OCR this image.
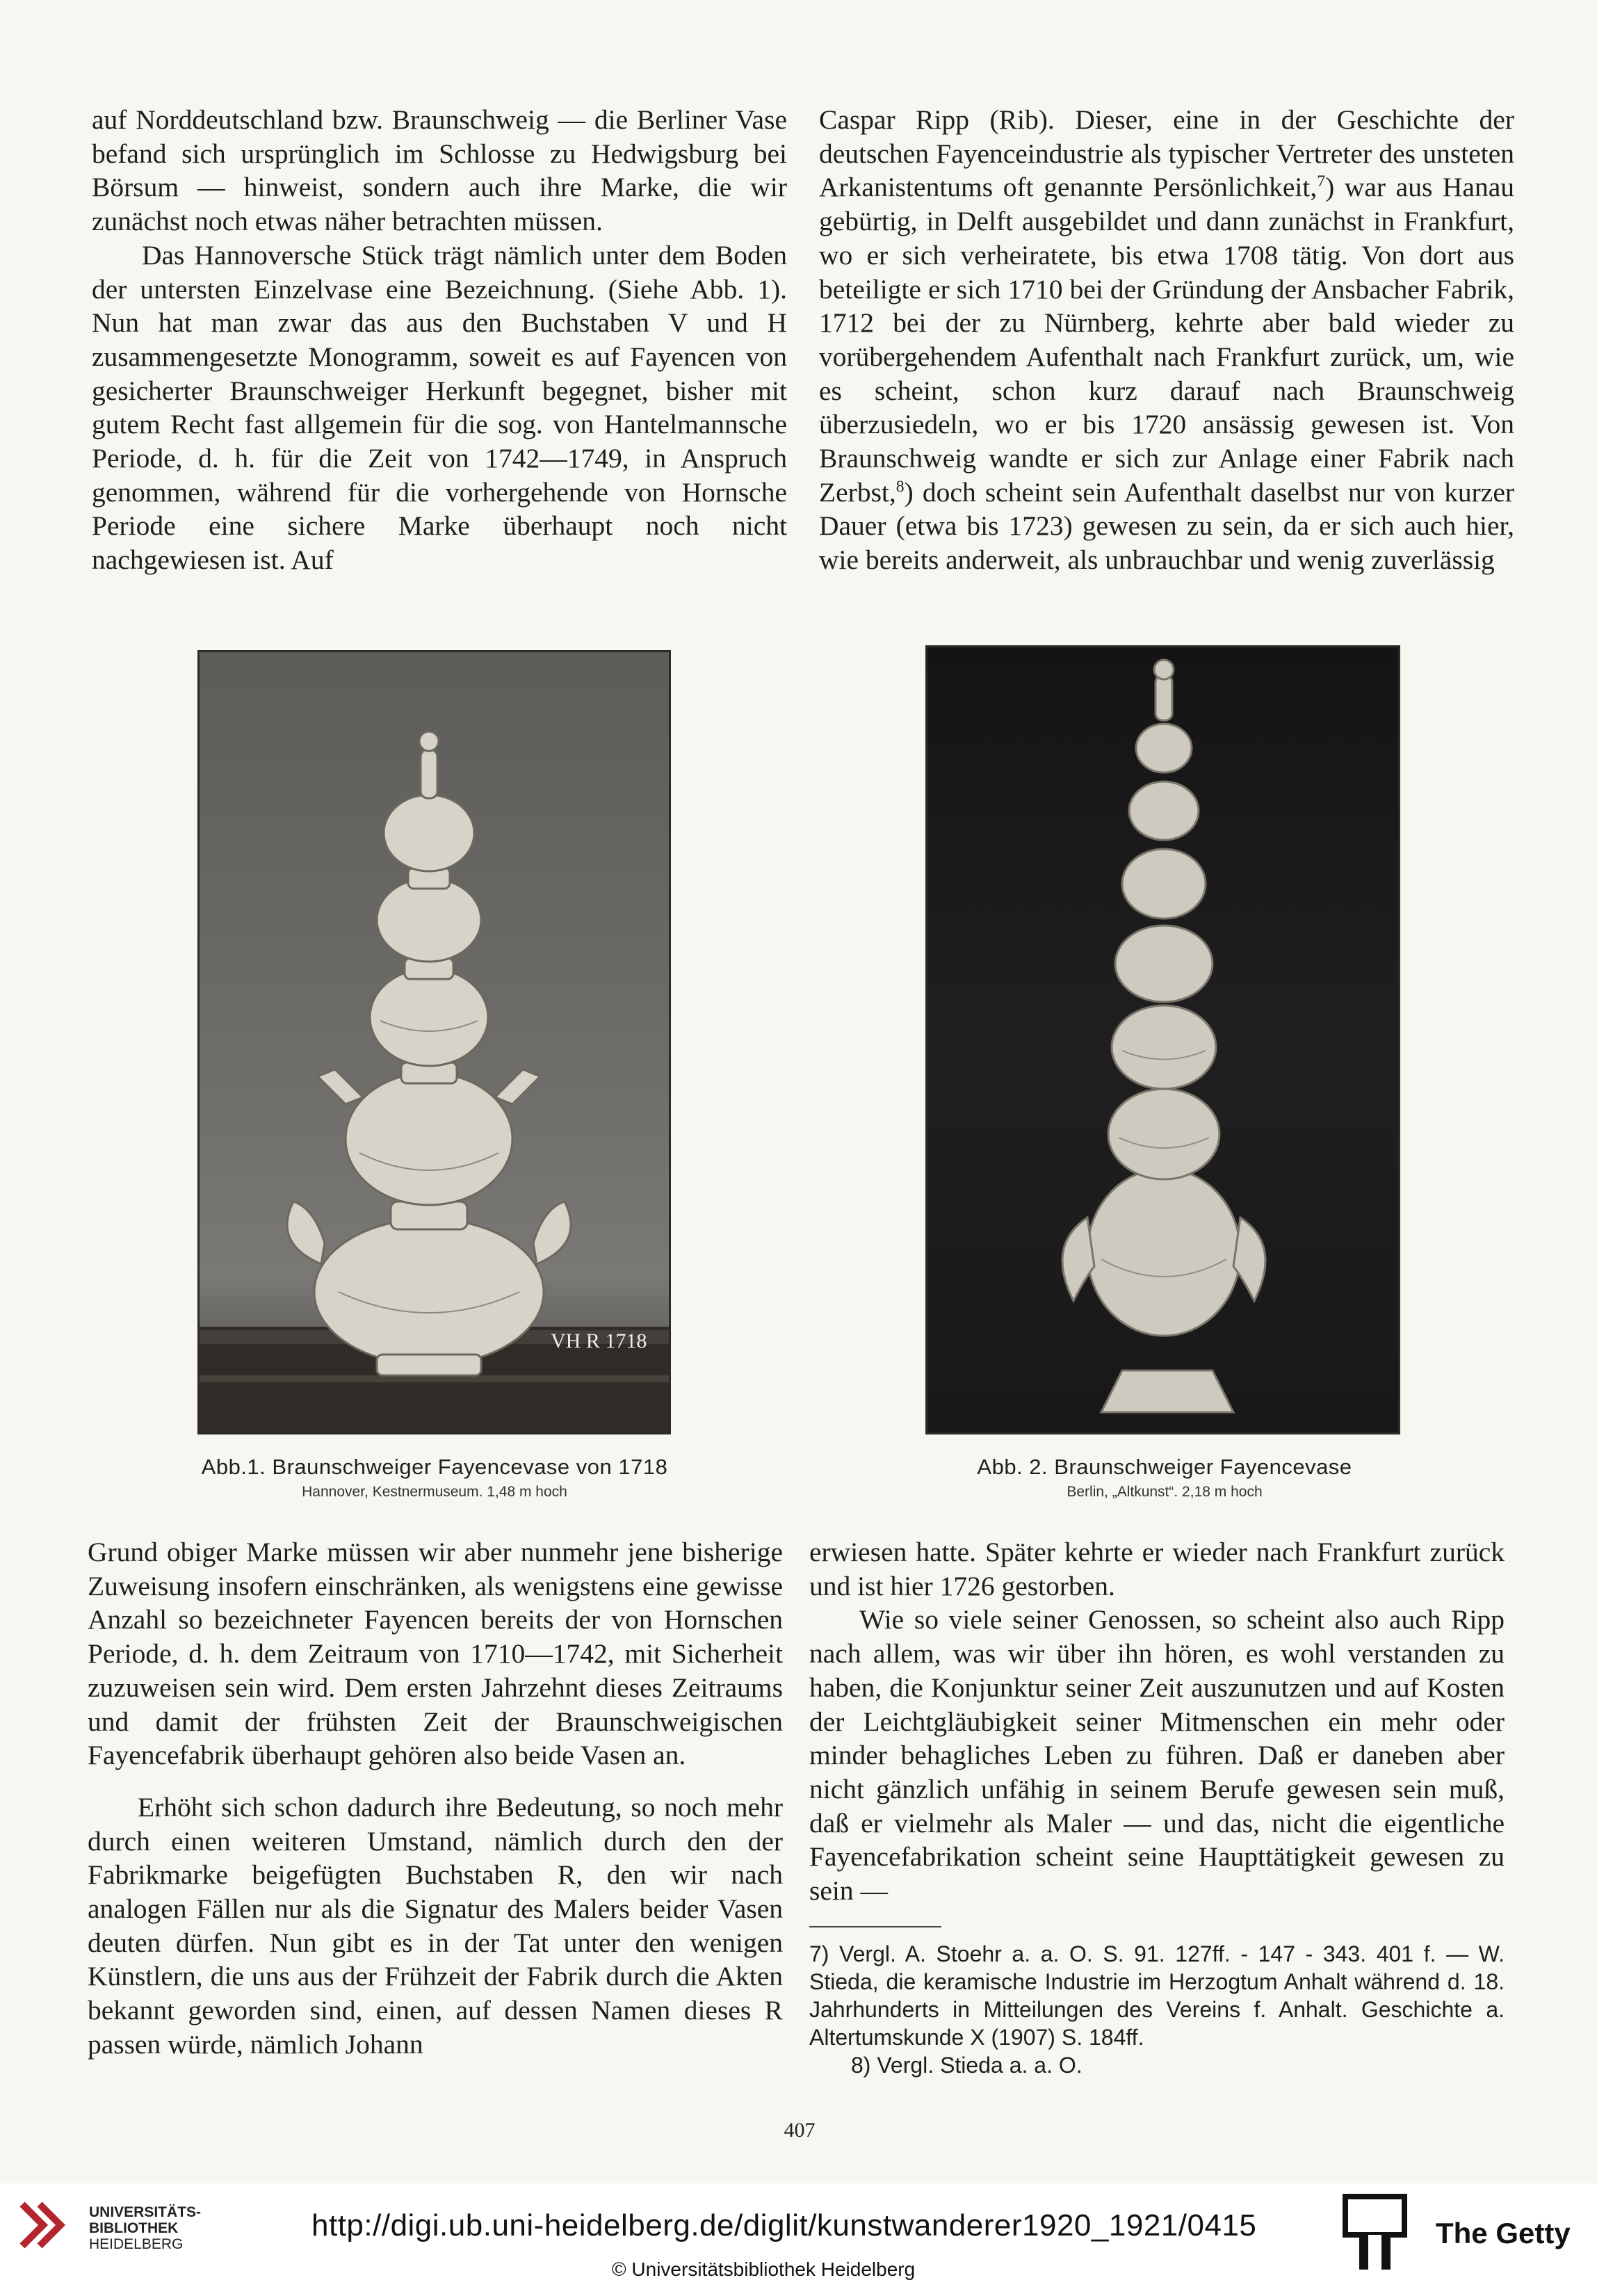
auf Norddeutschland bzw. Braunschweig — die Berliner Vase befand sich ursprünglich im Schlosse zu Hedwigsburg bei Börsum — hinweist, sondern auch ihre Marke, die wir zunächst noch etwas näher betrachten müssen.

Das Hannoversche Stück trägt nämlich unter dem Boden der untersten Einzelvase eine Bezeichnung. (Siehe Abb. 1). Nun hat man zwar das aus den Buchstaben V und H zusammengesetzte Monogramm, soweit es auf Fayencen von gesicherter Braunschweiger Herkunft begegnet, bisher mit gutem Recht fast allgemein für die sog. von Hantelmannsche Periode, d. h. für die Zeit von 1742—1749, in Anspruch genommen, während für die vorhergehende von Hornsche Periode eine sichere Marke überhaupt noch nicht nachgewiesen ist. Auf

Caspar Ripp (Rib). Dieser, eine in der Geschichte der deutschen Fayenceindustrie als typischer Vertreter des unsteten Arkanistentums oft genannte Persönlichkeit,$^7$) war aus Hanau gebürtig, in Delft ausgebildet und dann zunächst in Frankfurt, wo er sich verheiratete, bis etwa 1708 tätig. Von dort aus beteiligte er sich 1710 bei der Gründung der Ansbacher Fabrik, 1712 bei der zu Nürnberg, kehrte aber bald wieder zu vorübergehendem Aufenthalt nach Frankfurt zurück, um, wie es scheint, schon kurz darauf nach Braunschweig überzusiedeln, wo er bis 1720 ansässig gewesen ist. Von Braunschweig wandte er sich zur Anlage einer Fabrik nach Zerbst,$^8$) doch scheint sein Aufenthalt daselbst nur von kurzer Dauer (etwa bis 1723) gewesen zu sein, da er sich auch hier, wie bereits anderweit, als unbrauchbar und wenig zuverlässig

VH R 1718
Abb.1. Braunschweiger Fayencevase von 1718
Hannover, Kestnermuseum. 1,48 m hoch
Abb. 2. Braunschweiger Fayencevase
Berlin, „Altkunst“. 2,18 m hoch

Grund obiger Marke müssen wir aber nunmehr jene bisherige Zuweisung insofern einschränken, als wenigstens eine gewisse Anzahl so bezeichneter Fayencen bereits der von Hornschen Periode, d. h. dem Zeitraum von 1710—1742, mit Sicherheit zuzuweisen sein wird. Dem ersten Jahrzehnt dieses Zeitraums und damit der frühsten Zeit der Braunschweigischen Fayencefabrik überhaupt gehören also beide Vasen an.

Erhöht sich schon dadurch ihre Bedeutung, so noch mehr durch einen weiteren Umstand, nämlich durch den der Fabrikmarke beigefügten Buchstaben R, den wir nach analogen Fällen nur als die Signatur des Malers beider Vasen deuten dürfen. Nun gibt es in der Tat unter den wenigen Künstlern, die uns aus der Frühzeit der Fabrik durch die Akten bekannt geworden sind, einen, auf dessen Namen dieses R passen würde, nämlich Johann

erwiesen hatte. Später kehrte er wieder nach Frankfurt zurück und ist hier 1726 gestorben.

Wie so viele seiner Genossen, so scheint also auch Ripp nach allem, was wir über ihn hören, es wohl verstanden zu haben, die Konjunktur seiner Zeit auszunutzen und auf Kosten der Leichtgläubigkeit seiner Mitmenschen ein mehr oder minder behagliches Leben zu führen. Daß er daneben aber nicht gänzlich unfähig in seinem Berufe gewesen sein muß, daß er vielmehr als Maler — und das, nicht die eigentliche Fayencefabrikation scheint seine Haupttätigkeit gewesen zu sein —

7) Vergl. A. Stoehr a. a. O. S. 91. 127ff. - 147 - 343. 401 f. — W. Stieda, die keramische Industrie im Herzogtum Anhalt während d. 18. Jahrhunderts in Mitteilungen des Vereins f. Anhalt. Geschichte a. Altertumskunde X (1907) S. 184ff.

8) Vergl. Stieda a. a. O.

407
UNIVERSITÄTS-
BIBLIOTHEK
HEIDELBERG
http://digi.ub.uni-heidelberg.de/diglit/kunstwanderer1920_1921/0415
© Universitätsbibliothek Heidelberg
The Getty
